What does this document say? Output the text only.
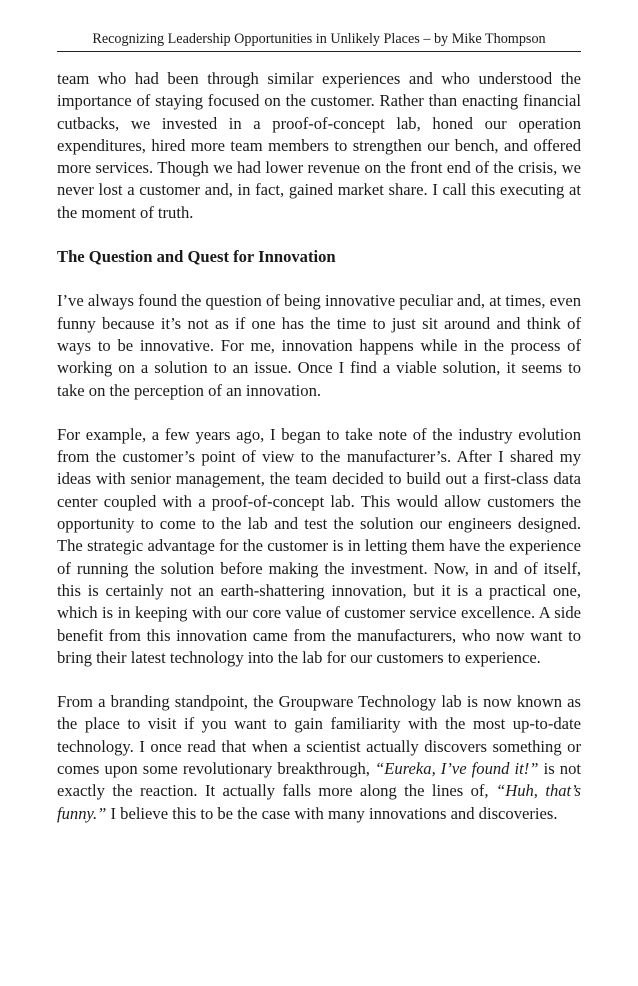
Recognizing Leadership Opportunities in Unlikely Places – by Mike Thompson

team who had been through similar experiences and who understood the importance of staying focused on the customer. Rather than enacting financial cutbacks, we invested in a proof-of-concept lab, honed our operation expenditures, hired more team members to strengthen our bench, and offered more services. Though we had lower revenue on the front end of the crisis, we never lost a customer and, in fact, gained market share. I call this executing at the moment of truth.

The Question and Quest for Innovation

I’ve always found the question of being innovative peculiar and, at times, even funny because it’s not as if one has the time to just sit around and think of ways to be innovative. For me, innovation happens while in the process of working on a solution to an issue. Once I find a viable solution, it seems to take on the perception of an innovation.

For example, a few years ago, I began to take note of the industry evolution from the customer’s point of view to the manufacturer’s. After I shared my ideas with senior management, the team decided to build out a first-class data center coupled with a proof-of-concept lab. This would allow customers the opportunity to come to the lab and test the solution our engineers designed. The strategic advantage for the customer is in letting them have the experience of running the solution before making the investment. Now, in and of itself, this is certainly not an earth-shattering innovation, but it is a practical one, which is in keeping with our core value of customer service excellence. A side benefit from this innovation came from the manufacturers, who now want to bring their latest technology into the lab for our customers to experience.

From a branding standpoint, the Groupware Technology lab is now known as the place to visit if you want to gain familiarity with the most up-to-date technology. I once read that when a scientist actually discovers something or comes upon some revolutionary breakthrough, “Eureka, I’ve found it!” is not exactly the reaction. It actually falls more along the lines of, “Huh, that’s funny.” I believe this to be the case with many innovations and discoveries.
